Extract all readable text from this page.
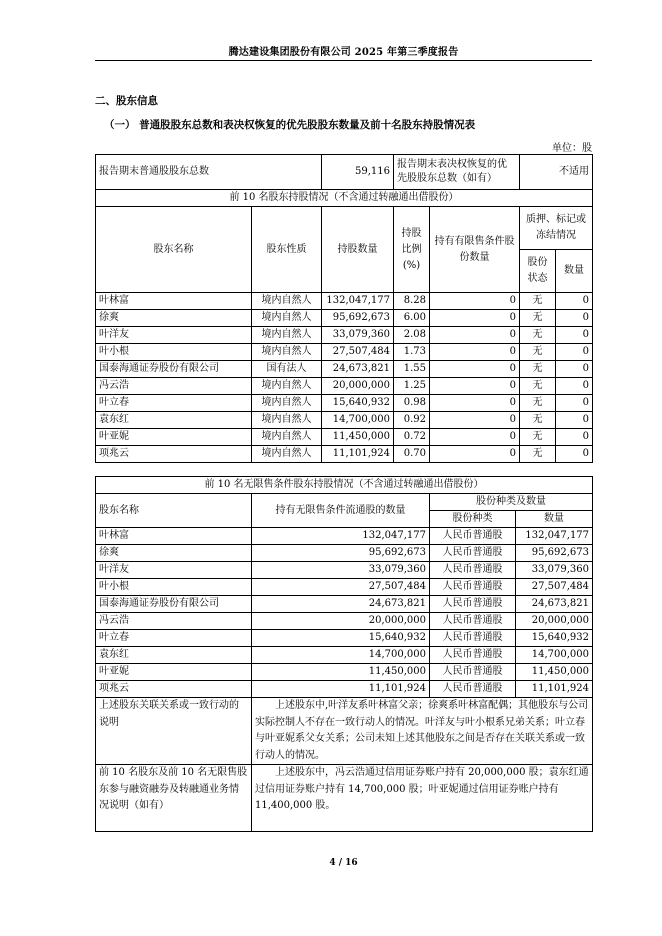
腾达建设集团股份有限公司 2025 年第三季度报告
二、股东信息
（一） 普通股股东总数和表决权恢复的优先股股东数量及前十名股东持股情况表
单位：股
报告期末普通股股东总数		59,116	报告期末表决权恢复的优先股股东总数（如有）		不适用	
前 10 名股东持股情况（不含通过转融通出借股份）						
股东名称	股东性质	持股数量	持股比例(%)	持有有限售条件股份数量	质押、标记或冻结情况	
					股份状态	数量
叶林富	境内自然人	132,047,177	8.28	0	无	0
徐爽	境内自然人	95,692,673	6.00	0	无	0
叶洋友	境内自然人	33,079,360	2.08	0	无	0
叶小根	境内自然人	27,507,484	1.73	0	无	0
国泰海通证券股份有限公司	国有法人	24,673,821	1.55	0	无	0
冯云浩	境内自然人	20,000,000	1.25	0	无	0
叶立春	境内自然人	15,640,932	0.98	0	无	0
袁东红	境内自然人	14,700,000	0.92	0	无	0
叶亚妮	境内自然人	11,450,000	0.72	0	无	0
项兆云	境内自然人	11,101,924	0.70	0	无	0
前 10 名无限售条件股东持股情况（不含通过转融通出借股份）			
股东名称	持有无限售条件流通股的数量	股份种类及数量	
		股份种类	数量
叶林富	132,047,177	人民币普通股	132,047,177
徐爽	95,692,673	人民币普通股	95,692,673
叶洋友	33,079,360	人民币普通股	33,079,360
叶小根	27,507,484	人民币普通股	27,507,484
国泰海通证券股份有限公司	24,673,821	人民币普通股	24,673,821
冯云浩	20,000,000	人民币普通股	20,000,000
叶立春	15,640,932	人民币普通股	15,640,932
袁东红	14,700,000	人民币普通股	14,700,000
叶亚妮	11,450,000	人民币普通股	11,450,000
项兆云	11,101,924	人民币普通股	11,101,924
上述股东关联关系或一致行动的说明	上述股东中,叶洋友系叶林富父亲；徐爽系叶林富配偶；其他股东与公司实际控制人不存在一致行动人的情况。叶洋友与叶小根系兄弟关系；叶立春与叶亚妮系父女关系；公司未知上述其他股东之间是否存在关联关系或一致行动人的情况。		
前 10 名股东及前 10 名无限售股东参与融资融券及转融通业务情况说明（如有）	上述股东中，冯云浩通过信用证券账户持有 20,000,000 股；袁东红通过信用证券账户持有 14,700,000 股；叶亚妮通过信用证券账户持有 11,400,000 股。		
4 / 16
